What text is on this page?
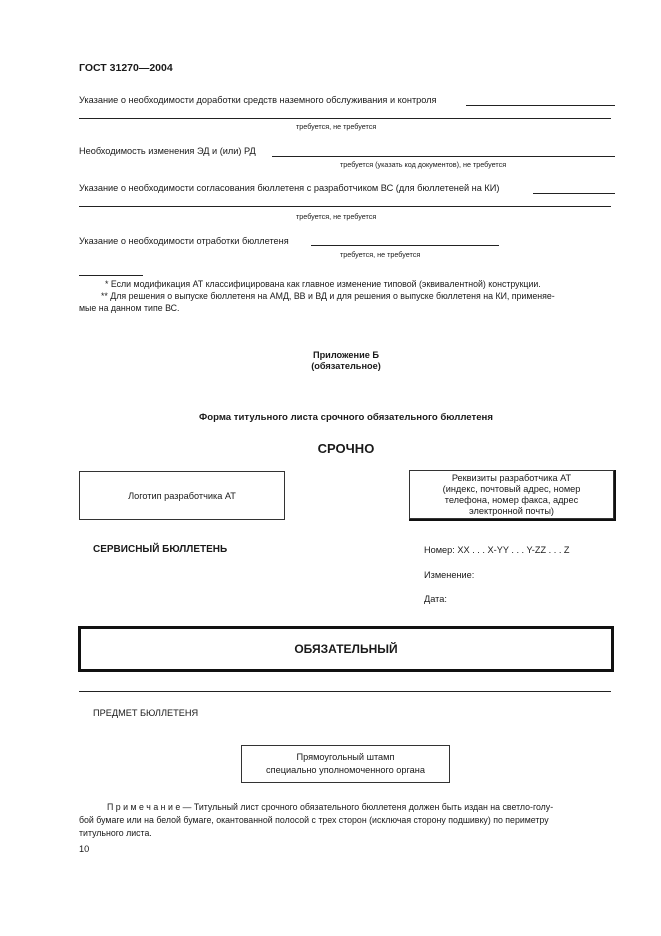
ГОСТ 31270—2004
Указание о необходимости доработки средств наземного обслуживания и контроля
требуется, не требуется
Необходимость изменения ЭД и (или) РД
требуется (указать код документов), не требуется
Указание о необходимости согласования бюллетеня с разработчиком ВС (для бюллетеней на КИ)
требуется, не требуется
Указание о необходимости отработки бюллетеня
требуется, не требуется
* Если модификация АТ классифицирована как главное изменение типовой (эквивалентной) конструкции.
** Для решения о выпуске бюллетеня на АМД, ВВ и ВД и для решения о выпуске бюллетеня на КИ, применяе-
мые на данном типе ВС.
Приложение Б
(обязательное)
Форма титульного листа срочного обязательного бюллетеня
СРОЧНО
Логотип разработчика АТ
Реквизиты разработчика АТ
(индекс, почтовый адрес, номер
телефона, номер факса, адрес
электронной почты)
СЕРВИСНЫЙ БЮЛЛЕТЕНЬ	Номер: XX . . . X-YY . . . Y-ZZ . . . Z
Изменение:
Дата:
ОБЯЗАТЕЛЬНЫЙ
ПРЕДМЕТ БЮЛЛЕТЕНЯ
Прямоугольный штамп
специально уполномоченного органа
П р и м е ч а н и е — Титульный лист срочного обязательного бюллетеня должен быть издан на светло-голу-
бой бумаге или на белой бумаге, окантованной полосой с трех сторон (исключая сторону подшивку) по периметру
титульного листа.
10
